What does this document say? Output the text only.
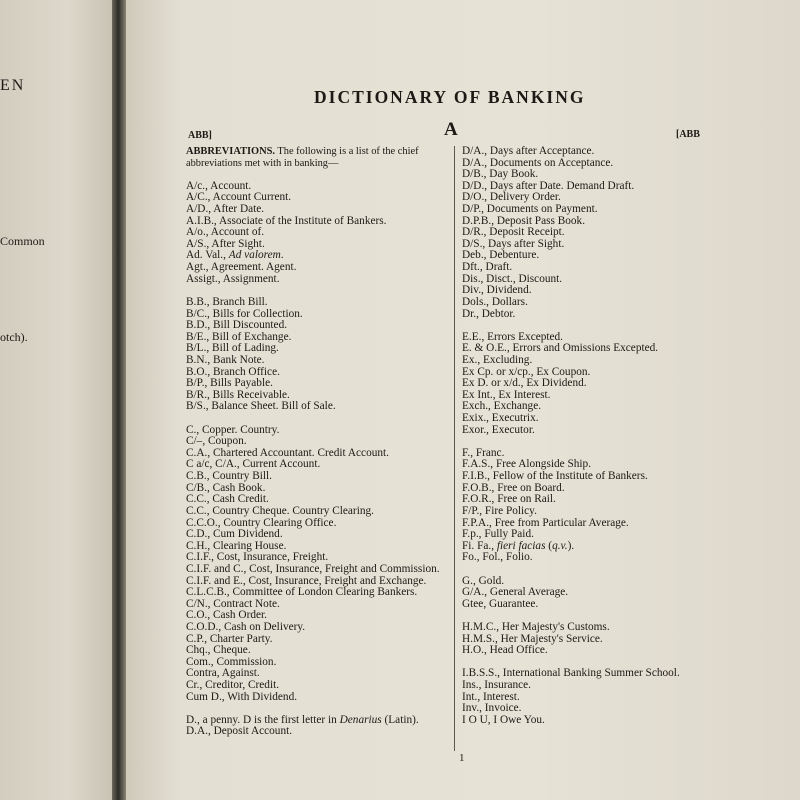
EN
Common
otch).
DICTIONARY OF BANKING
ABB]	A	[ABB
ABBREVIATIONS. The following is a list of the chief
abbreviations met with in banking—
A/c., Account.
A/C., Account Current.
A/D., After Date.
A.I.B., Associate of the Institute of Bankers.
A/o., Account of.
A/S., After Sight.
Ad. Val., Ad valorem.
Agt., Agreement. Agent.
Assigt., Assignment.
B.B., Branch Bill.
B/C., Bills for Collection.
B.D., Bill Discounted.
B/E., Bill of Exchange.
B/L., Bill of Lading.
B.N., Bank Note.
B.O., Branch Office.
B/P., Bills Payable.
B/R., Bills Receivable.
B/S., Balance Sheet. Bill of Sale.
C., Copper. Country.
C/–, Coupon.
C.A., Chartered Accountant. Credit Account.
C a/c, C/A., Current Account.
C.B., Country Bill.
C/B., Cash Book.
C.C., Cash Credit.
C.C., Country Cheque. Country Clearing.
C.C.O., Country Clearing Office.
C.D., Cum Dividend.
C.H., Clearing House.
C.I.F., Cost, Insurance, Freight.
C.I.F. and C., Cost, Insurance, Freight and Commission.
C.I.F. and E., Cost, Insurance, Freight and Exchange.
C.L.C.B., Committee of London Clearing Bankers.
C/N., Contract Note.
C.O., Cash Order.
C.O.D., Cash on Delivery.
C.P., Charter Party.
Chq., Cheque.
Com., Commission.
Contra, Against.
Cr., Creditor, Credit.
Cum D., With Dividend.
D., a penny. D is the first letter in Denarius (Latin).
D.A., Deposit Account.
D/A., Days after Acceptance.
D/A., Documents on Acceptance.
D/B., Day Book.
D/D., Days after Date. Demand Draft.
D/O., Delivery Order.
D/P., Documents on Payment.
D.P.B., Deposit Pass Book.
D/R., Deposit Receipt.
D/S., Days after Sight.
Deb., Debenture.
Dft., Draft.
Dis., Disct., Discount.
Div., Dividend.
Dols., Dollars.
Dr., Debtor.
E.E., Errors Excepted.
E. & O.E., Errors and Omissions Excepted.
Ex., Excluding.
Ex Cp. or x/cp., Ex Coupon.
Ex D. or x/d., Ex Dividend.
Ex Int., Ex Interest.
Exch., Exchange.
Exix., Executrix.
Exor., Executor.
F., Franc.
F.A.S., Free Alongside Ship.
F.I.B., Fellow of the Institute of Bankers.
F.O.B., Free on Board.
F.O.R., Free on Rail.
F/P., Fire Policy.
F.P.A., Free from Particular Average.
F.p., Fully Paid.
Fi. Fa., fieri facias (q.v.).
Fo., Fol., Folio.
G., Gold.
G/A., General Average.
Gtee, Guarantee.
H.M.C., Her Majesty's Customs.
H.M.S., Her Majesty's Service.
H.O., Head Office.
I.B.S.S., International Banking Summer School.
Ins., Insurance.
Int., Interest.
Inv., Invoice.
I O U, I Owe You.
1
